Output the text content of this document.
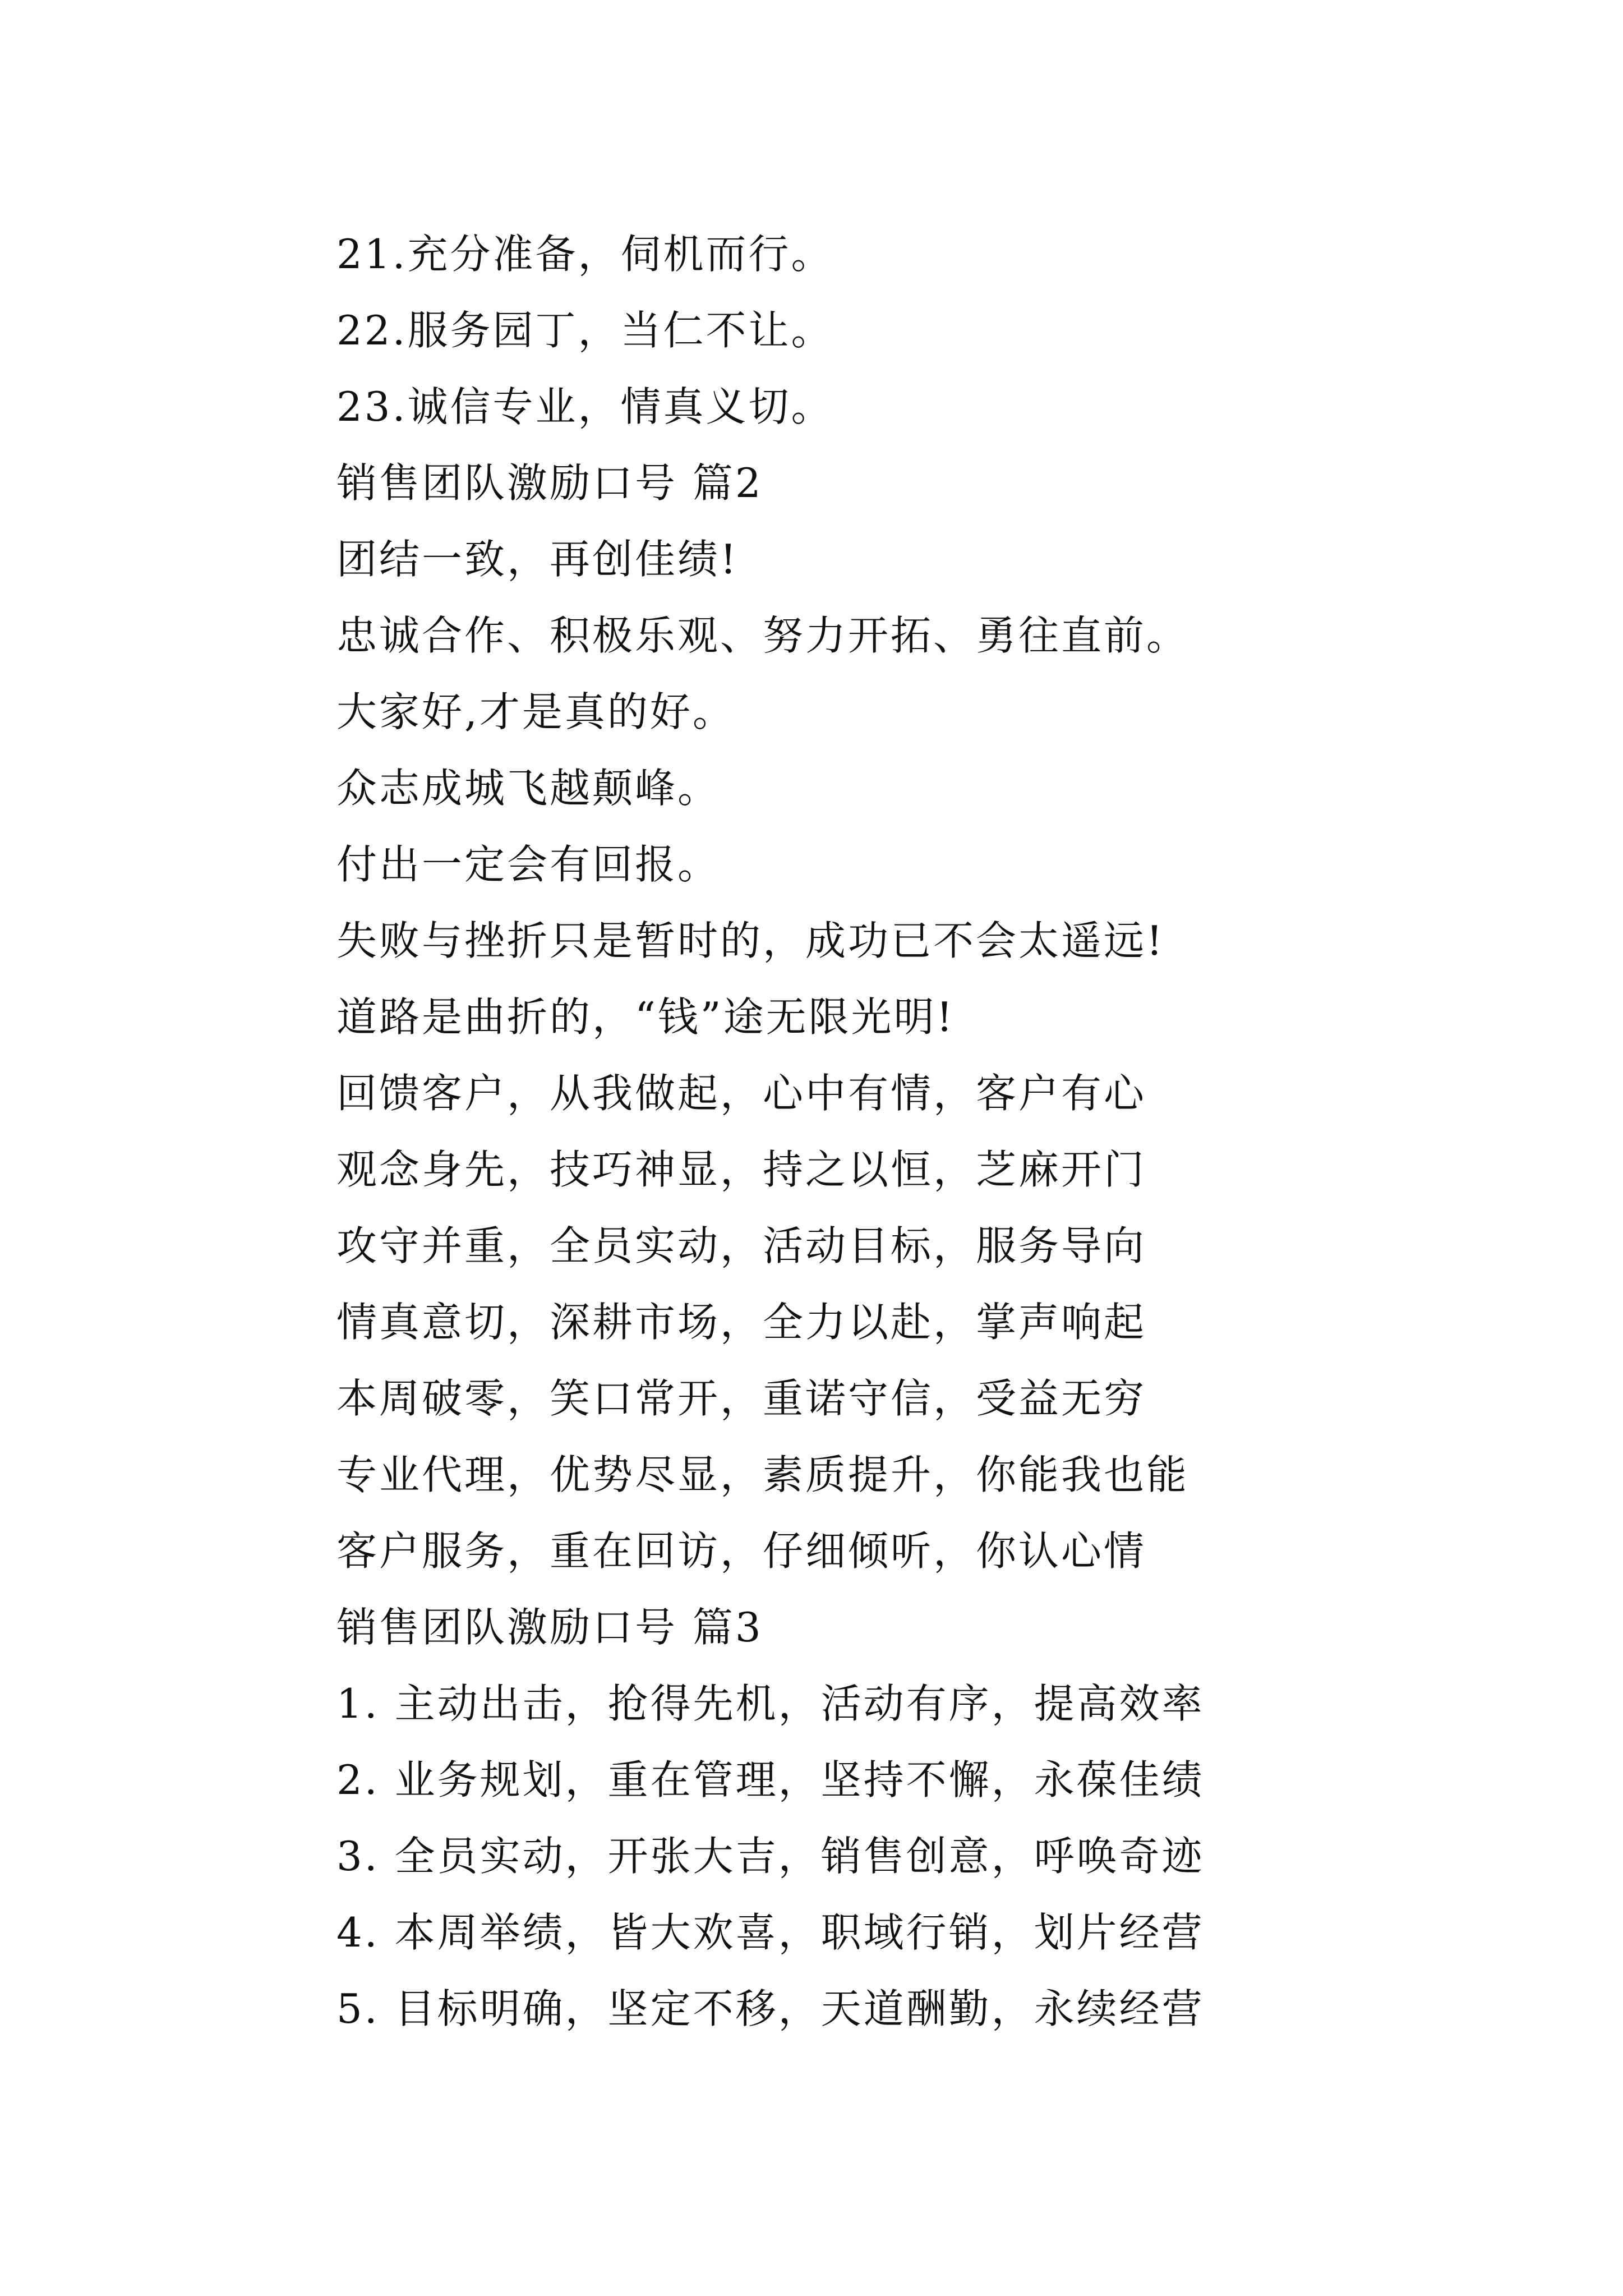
21.充分准备，伺机而行。
22.服务园丁，当仁不让。
23.诚信专业，情真义切。
销售团队激励口号 篇2
团结一致，再创佳绩!
忠诚合作、积极乐观、努力开拓、勇往直前。
大家好,才是真的好。
众志成城飞越颠峰。
付出一定会有回报。
失败与挫折只是暂时的，成功已不会太遥远!
道路是曲折的，“钱”途无限光明!
回馈客户，从我做起，心中有情，客户有心
观念身先，技巧神显，持之以恒，芝麻开门
攻守并重，全员实动，活动目标，服务导向
情真意切，深耕市场，全力以赴，掌声响起
本周破零，笑口常开，重诺守信，受益无穷
专业代理，优势尽显，素质提升，你能我也能
客户服务，重在回访，仔细倾听，你认心情
销售团队激励口号 篇3
1. 主动出击，抢得先机，活动有序，提高效率
2. 业务规划，重在管理，坚持不懈，永葆佳绩
3. 全员实动，开张大吉，销售创意，呼唤奇迹
4. 本周举绩，皆大欢喜，职域行销，划片经营
5. 目标明确，坚定不移，天道酬勤，永续经营
